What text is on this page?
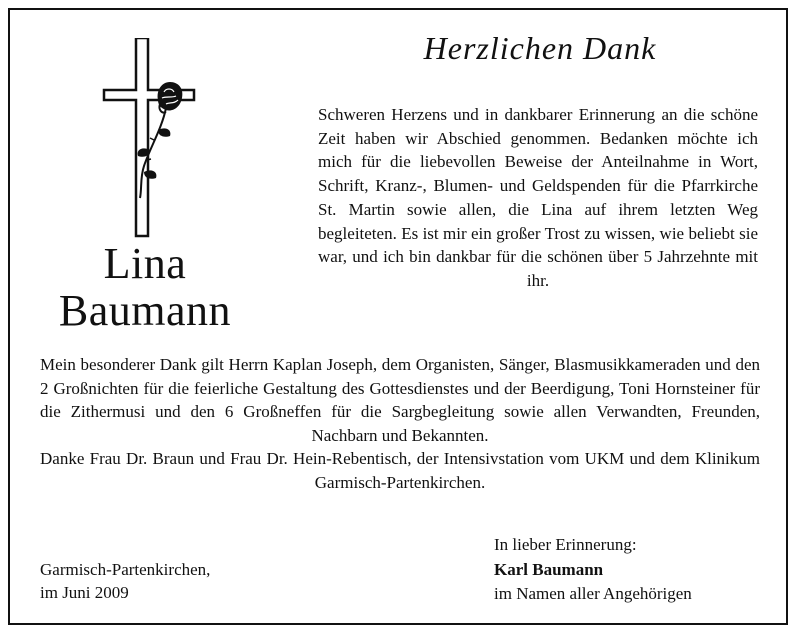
Lina
Baumann
Herzlichen Dank
Schweren Herzens und in dankbarer Erinnerung an die schöne Zeit haben wir Abschied genommen. Bedanken möchte ich mich für die liebevollen Beweise der Anteilnahme in Wort, Schrift, Kranz-, Blumen- und Geldspenden für die Pfarrkirche St. Martin sowie allen, die Lina auf ihrem letzten Weg begleiteten. Es ist mir ein großer Trost zu wissen, wie beliebt sie war, und ich bin dankbar für die schönen über 5 Jahrzehnte mit ihr.

Mein besonderer Dank gilt Herrn Kaplan Joseph, dem Organisten, Sänger, Blasmusikkameraden und den 2 Großnichten für die feierliche Gestaltung des Gottesdienstes und der Beerdigung, Toni Hornsteiner für die Zithermusi und den 6 Großneffen für die Sargbegleitung sowie allen Verwandten, Freunden, Nachbarn und Bekannten.

Danke Frau Dr. Braun und Frau Dr. Hein-Rebentisch, der Intensivstation vom UKM und dem Klinikum Garmisch-Partenkirchen.

Garmisch-Partenkirchen,
im Juni 2009
In lieber Erinnerung:
Karl Baumann
im Namen aller Angehörigen
